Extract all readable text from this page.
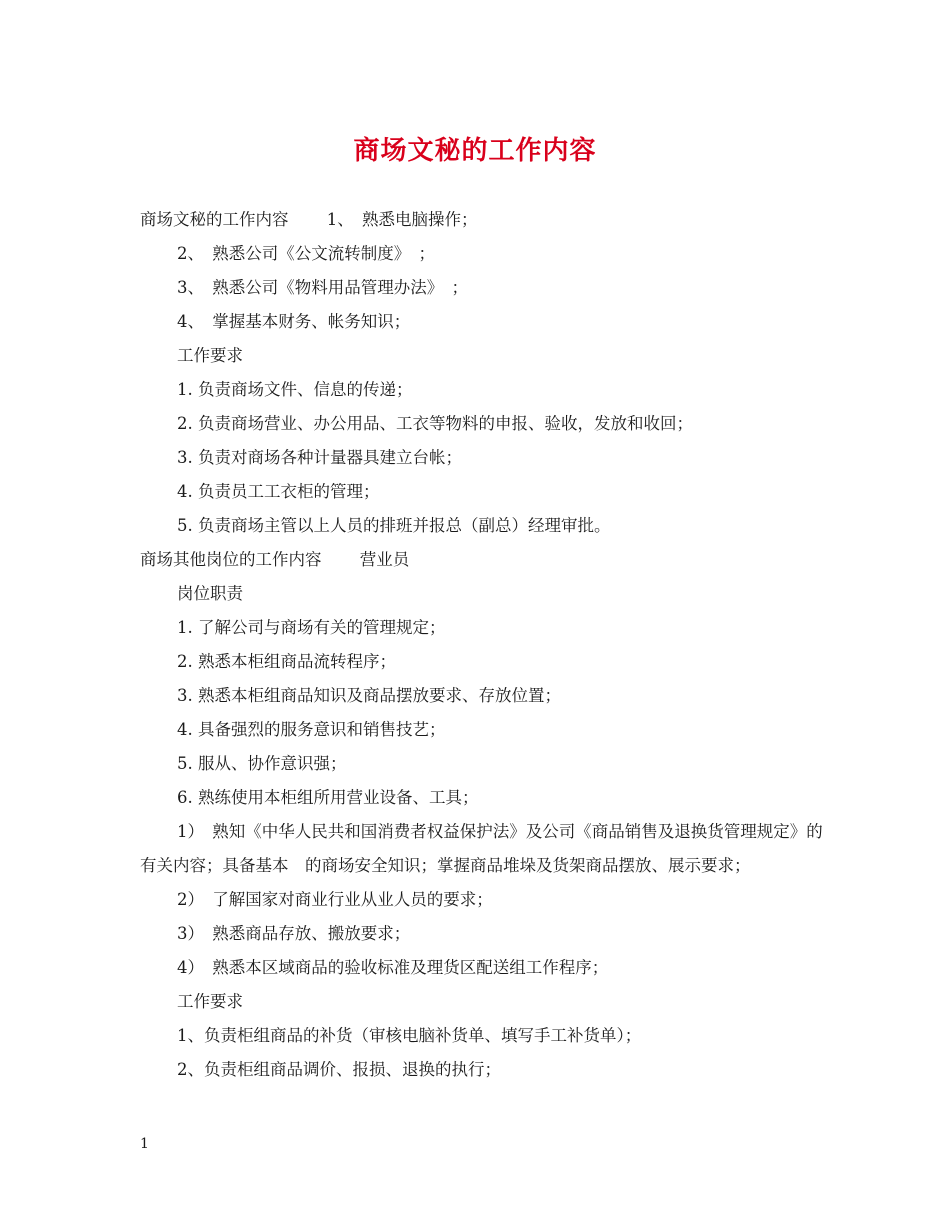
商场文秘的工作内容
商场文秘的工作内容　　 1、　熟悉电脑操作；
2、　熟悉公司《公文流转制度》　；
3、　熟悉公司《物料用品管理办法》　；
4、　掌握基本财务、帐务知识；
工作要求
1. 负责商场文件、信息的传递；
2. 负责商场营业、办公用品、工衣等物料的申报、验收，发放和收回；
3. 负责对商场各种计量器具建立台帐；
4. 负责员工工衣柜的管理；
5. 负责商场主管以上人员的排班并报总（副总）经理审批。
商场其他岗位的工作内容　　 营业员
岗位职责
1. 了解公司与商场有关的管理规定；
2. 熟悉本柜组商品流转程序；
3. 熟悉本柜组商品知识及商品摆放要求、存放位置；
4. 具备强烈的服务意识和销售技艺；
5. 服从、协作意识强；
6. 熟练使用本柜组所用营业设备、工具；
1）　熟知《中华人民共和国消费者权益保护法》及公司《商品销售及退换货管理规定》的有关内容；具备基本　的商场安全知识；掌握商品堆垛及货架商品摆放、展示要求；
2）　了解国家对商业行业从业人员的要求；
3）　熟悉商品存放、搬放要求；
4）　熟悉本区域商品的验收标准及理货区配送组工作程序；
工作要求
1、负责柜组商品的补货（审核电脑补货单、填写手工补货单）；
2、负责柜组商品调价、报损、退换的执行；
1
